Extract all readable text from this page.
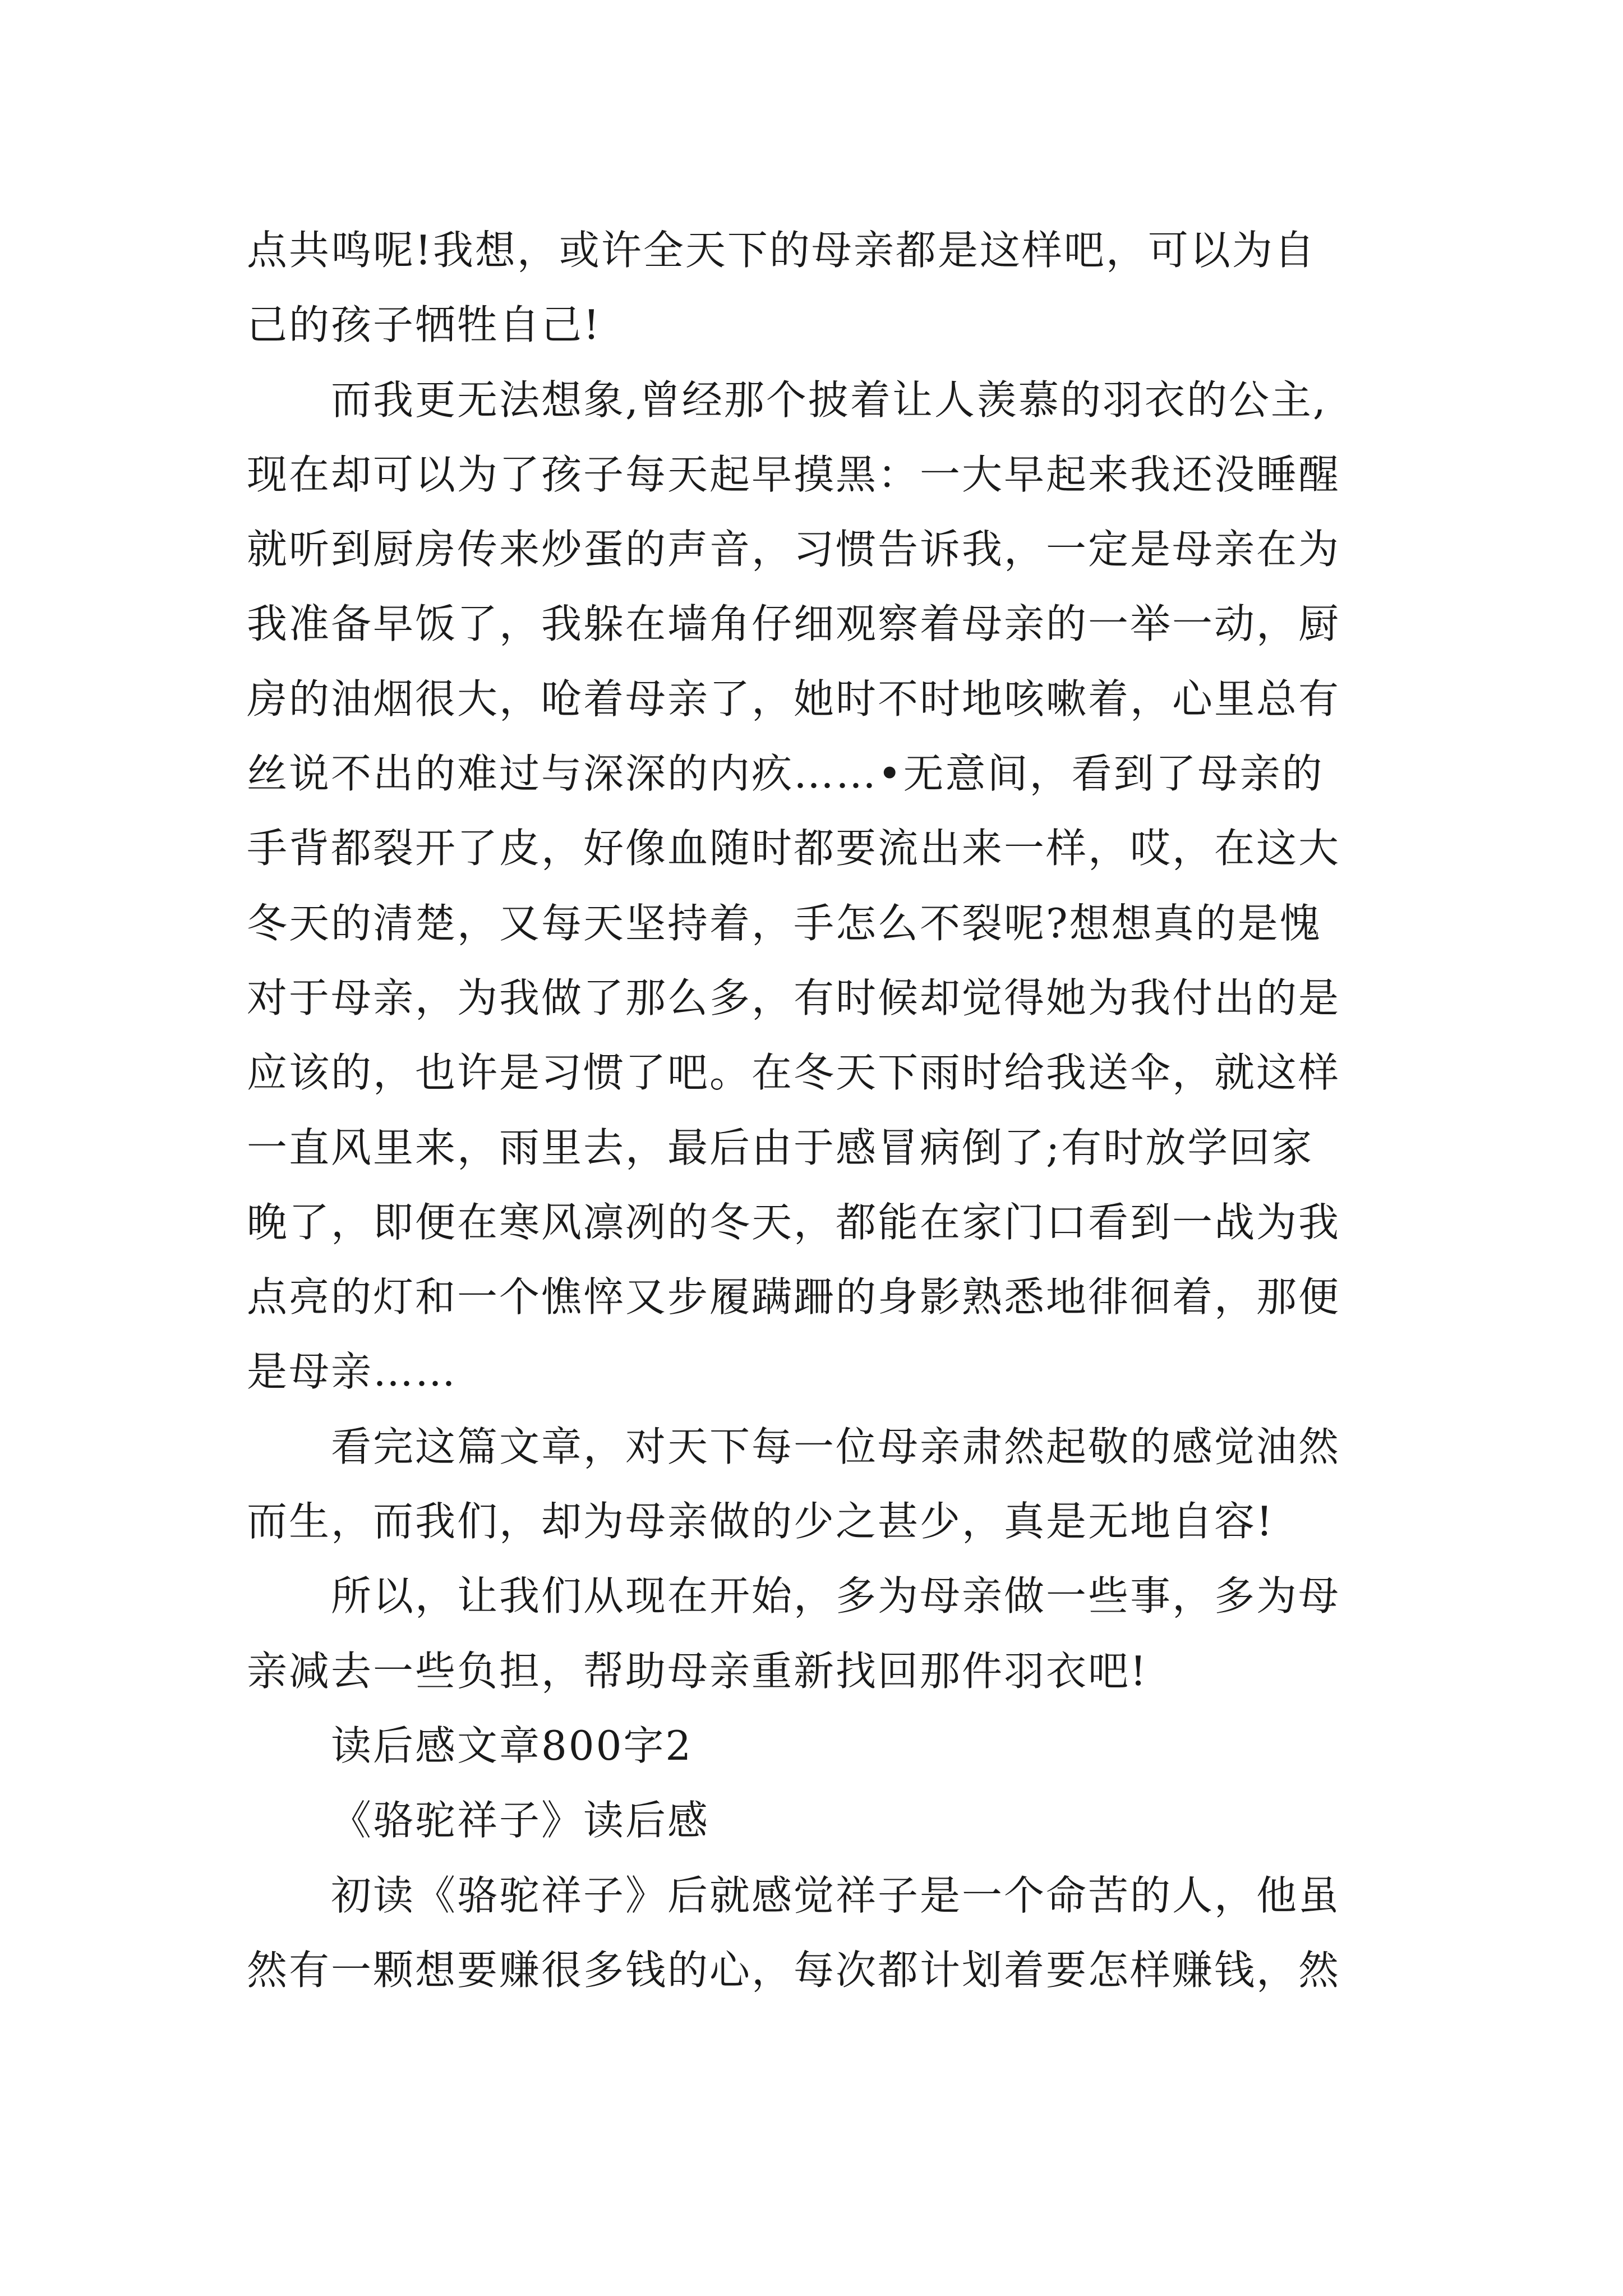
点共鸣呢!我想，或许全天下的母亲都是这样吧，可以为自
己的孩子牺牲自己!
而我更无法想象,曾经那个披着让人羡慕的羽衣的公主,
现在却可以为了孩子每天起早摸黑：一大早起来我还没睡醒
就听到厨房传来炒蛋的声音，习惯告诉我，一定是母亲在为
我准备早饭了，我躲在墙角仔细观察着母亲的一举一动，厨
房的油烟很大，呛着母亲了，她时不时地咳嗽着，心里总有
丝说不出的难过与深深的内疚……•无意间，看到了母亲的
手背都裂开了皮，好像血随时都要流出来一样，哎，在这大
冬天的清楚，又每天坚持着，手怎么不裂呢?想想真的是愧
对于母亲，为我做了那么多，有时候却觉得她为我付出的是
应该的，也许是习惯了吧。在冬天下雨时给我送伞，就这样
一直风里来，雨里去，最后由于感冒病倒了;有时放学回家
晚了，即便在寒风凛冽的冬天，都能在家门口看到一战为我
点亮的灯和一个憔悴又步履蹒跚的身影熟悉地徘徊着，那便
是母亲……
看完这篇文章，对天下每一位母亲肃然起敬的感觉油然
而生，而我们，却为母亲做的少之甚少，真是无地自容!
所以，让我们从现在开始，多为母亲做一些事，多为母
亲减去一些负担，帮助母亲重新找回那件羽衣吧!
读后感文章800字2
《骆驼祥子》读后感
初读《骆驼祥子》后就感觉祥子是一个命苦的人，他虽
然有一颗想要赚很多钱的心，每次都计划着要怎样赚钱，然
